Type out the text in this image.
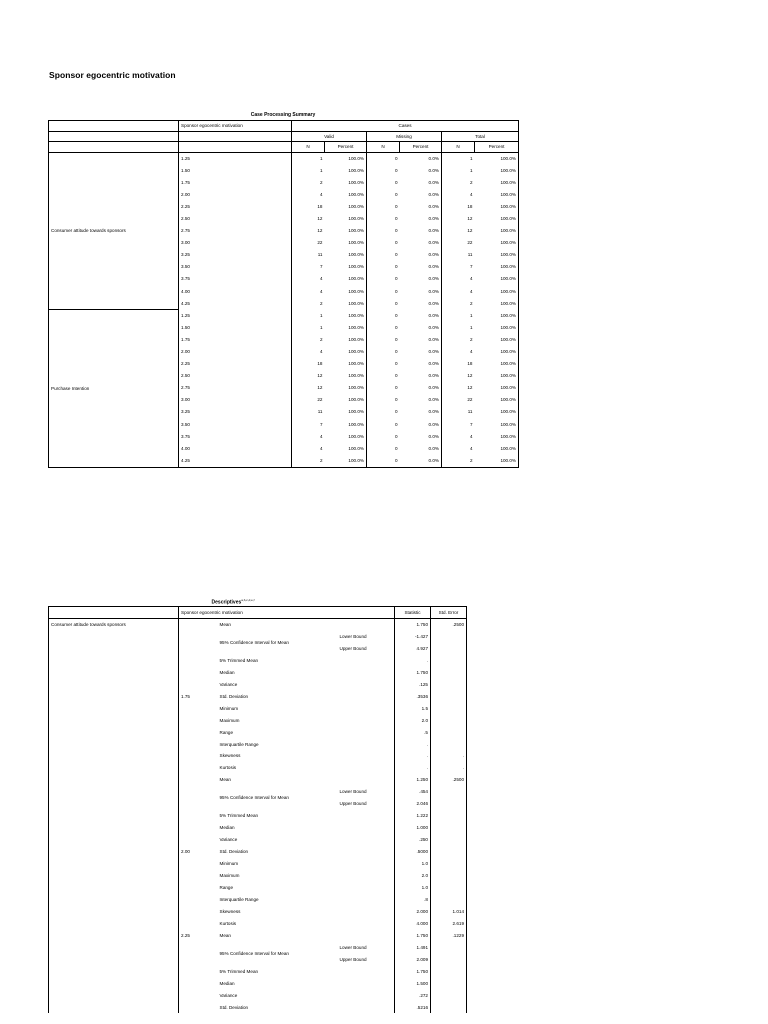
Sponsor egocentric motivation
Case Processing Summary
	Sponsor egocentric motivation	Cases					
		Valid		Missing		Total	
		N	Percent	N	Percent	N	Percent
Consumer attitude towards sponsors	1.25	1	100.0%	0	0.0%	1	100.0%
	1.50	1	100.0%	0	0.0%	1	100.0%
	1.75	2	100.0%	0	0.0%	2	100.0%
	2.00	4	100.0%	0	0.0%	4	100.0%
	2.25	18	100.0%	0	0.0%	18	100.0%
	2.50	12	100.0%	0	0.0%	12	100.0%
	2.75	12	100.0%	0	0.0%	12	100.0%
	3.00	22	100.0%	0	0.0%	22	100.0%
	3.25	11	100.0%	0	0.0%	11	100.0%
	3.50	7	100.0%	0	0.0%	7	100.0%
	3.75	4	100.0%	0	0.0%	4	100.0%
	4.00	4	100.0%	0	0.0%	4	100.0%
	4.25	2	100.0%	0	0.0%	2	100.0%
Purchase Intention	1.25	1	100.0%	0	0.0%	1	100.0%
	1.50	1	100.0%	0	0.0%	1	100.0%
	1.75	2	100.0%	0	0.0%	2	100.0%
	2.00	4	100.0%	0	0.0%	4	100.0%
	2.25	18	100.0%	0	0.0%	18	100.0%
	2.50	12	100.0%	0	0.0%	12	100.0%
	2.75	12	100.0%	0	0.0%	12	100.0%
	3.00	22	100.0%	0	0.0%	22	100.0%
	3.25	11	100.0%	0	0.0%	11	100.0%
	3.50	7	100.0%	0	0.0%	7	100.0%
	3.75	4	100.0%	0	0.0%	4	100.0%
	4.00	4	100.0%	0	0.0%	4	100.0%
	4.25	2	100.0%	0	0.0%	2	100.0%
Descriptives$^{a,b,c,d,e,f}$
	Sponsor egocentric motivation			Statistic	Std. Error
Consumer attitude towards sponsors		Mean		1.750	.2500
		95% Confidence Interval for Mean	Lower Bound	-1.427	
			Upper Bound	4.927	
		5% Trimmed Mean		.	
		Median		1.750	
		Variance		.125	
	1.75	Std. Deviation		.3536	
		Minimum		1.5	
		Maximum		2.0	
		Range		.5	
		Interquartile Range		.	
		Skewness		.	.
		Kurtosis		.	.
		Mean		1.250	.2500
		95% Confidence Interval for Mean	Lower Bound	.454	
			Upper Bound	2.046	
		5% Trimmed Mean		1.222	
		Median		1.000	
		Variance		.250	
	2.00	Std. Deviation		.5000	
		Minimum		1.0	
		Maximum		2.0	
		Range		1.0	
		Interquartile Range		.8	
		Skewness		2.000	1.014
		Kurtosis		4.000	2.619
	2.25	Mean		1.750	.1229
		95% Confidence Interval for Mean	Lower Bound	1.491	
			Upper Bound	2.009	
		5% Trimmed Mean		1.750	
		Median		1.500	
		Variance		.272	
		Std. Deviation		.5216	
